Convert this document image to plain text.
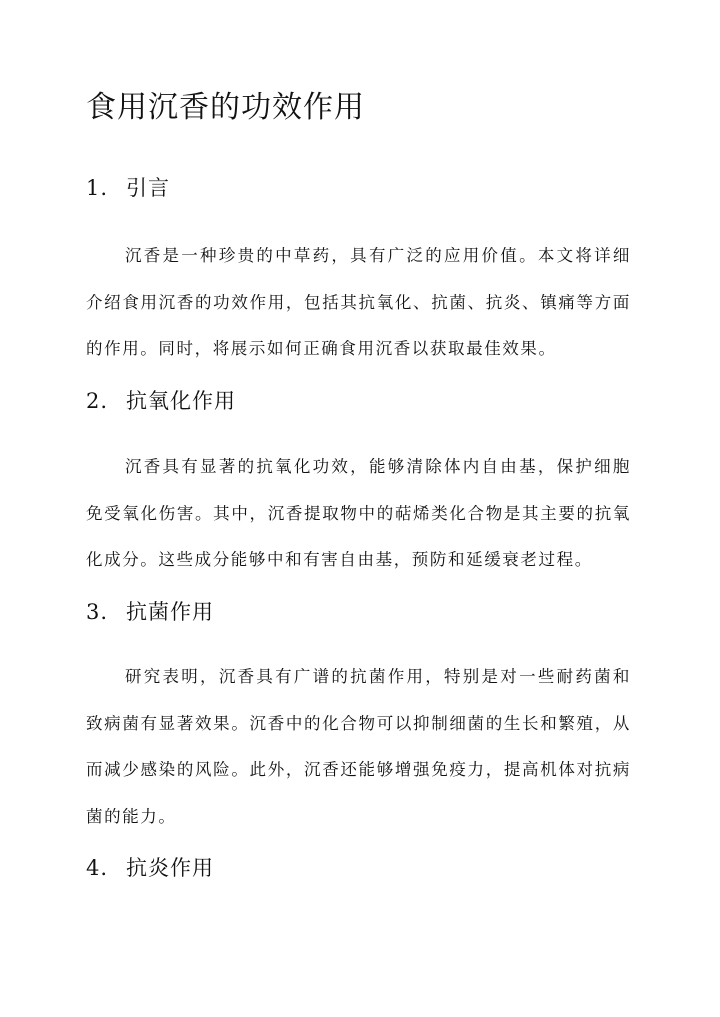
食用沉香的功效作用
1. 引言

沉香是一种珍贵的中草药，具有广泛的应用价值。本文将详细介绍食用沉香的功效作用，包括其抗氧化、抗菌、抗炎、镇痛等方面的作用。同时，将展示如何正确食用沉香以获取最佳效果。

2. 抗氧化作用

沉香具有显著的抗氧化功效，能够清除体内自由基，保护细胞免受氧化伤害。其中，沉香提取物中的萜烯类化合物是其主要的抗氧化成分。这些成分能够中和有害自由基，预防和延缓衰老过程。

3. 抗菌作用

研究表明，沉香具有广谱的抗菌作用，特别是对一些耐药菌和致病菌有显著效果。沉香中的化合物可以抑制细菌的生长和繁殖，从而减少感染的风险。此外，沉香还能够增强免疫力，提高机体对抗病菌的能力。

4. 抗炎作用
